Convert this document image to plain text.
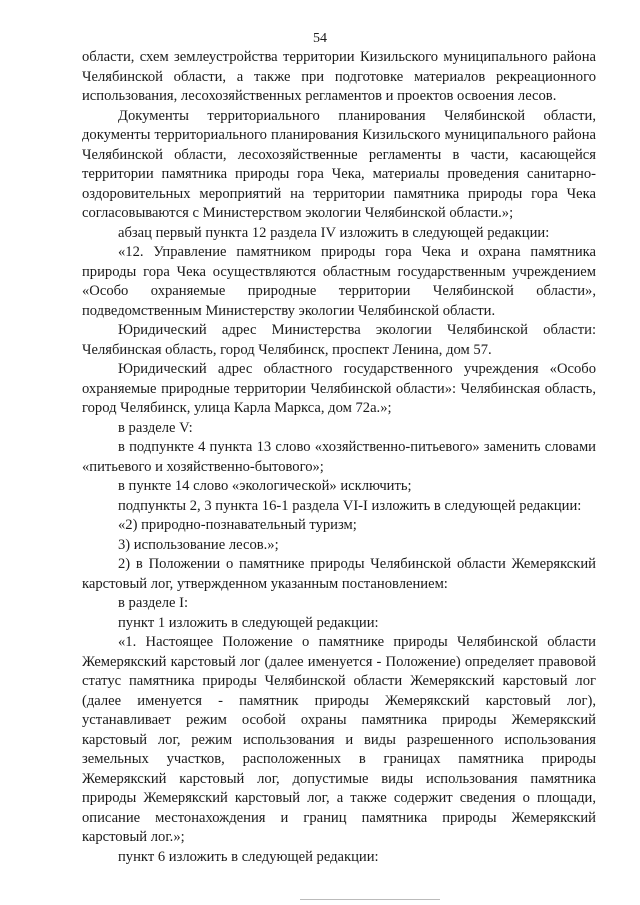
54

области, схем землеустройства территории Кизильского муниципального района Челябинской области, а также при подготовке материалов рекреационного использования, лесохозяйственных регламентов и проектов освоения лесов.

Документы территориального планирования Челябинской области, документы территориального планирования Кизильского муниципального района Челябинской области, лесохозяйственные регламенты в части, касающейся территории памятника природы гора Чека, материалы проведения санитарно-оздоровительных мероприятий на территории памятника природы гора Чека согласовываются с Министерством экологии Челябинской области.»;

абзац первый пункта 12 раздела IV изложить в следующей редакции:

«12. Управление памятником природы гора Чека и охрана памятника природы гора Чека осуществляются областным государственным учреждением «Особо охраняемые природные территории Челябинской области», подведомственным Министерству экологии Челябинской области.

Юридический адрес Министерства экологии Челябинской области: Челябинская область, город Челябинск, проспект Ленина, дом 57.

Юридический адрес областного государственного учреждения «Особо охраняемые природные территории Челябинской области»: Челябинская область, город Челябинск, улица Карла Маркса, дом 72а.»;

в разделе V:

в подпункте 4 пункта 13 слово «хозяйственно-питьевого» заменить словами «питьевого и хозяйственно-бытового»;

в пункте 14 слово «экологической» исключить;

подпункты 2, 3 пункта 16-1 раздела VI-I изложить в следующей редакции:

«2) природно-познавательный туризм;

3) использование лесов.»;

2) в Положении о памятнике природы Челябинской области Жемерякский карстовый лог, утвержденном указанным постановлением:

в разделе I:

пункт 1 изложить в следующей редакции:

«1. Настоящее Положение о памятнике природы Челябинской области Жемерякский карстовый лог (далее именуется - Положение) определяет правовой статус памятника природы Челябинской области Жемерякский карстовый лог (далее именуется - памятник природы Жемерякский карстовый лог), устанавливает режим особой охраны памятника природы Жемерякский карстовый лог, режим использования и виды разрешенного использования земельных участков, расположенных в границах памятника природы Жемерякский карстовый лог, допустимые виды использования памятника природы Жемерякский карстовый лог, а также содержит сведения о площади, описание местонахождения и границ памятника природы Жемерякский карстовый лог.»;

пункт 6 изложить в следующей редакции:
